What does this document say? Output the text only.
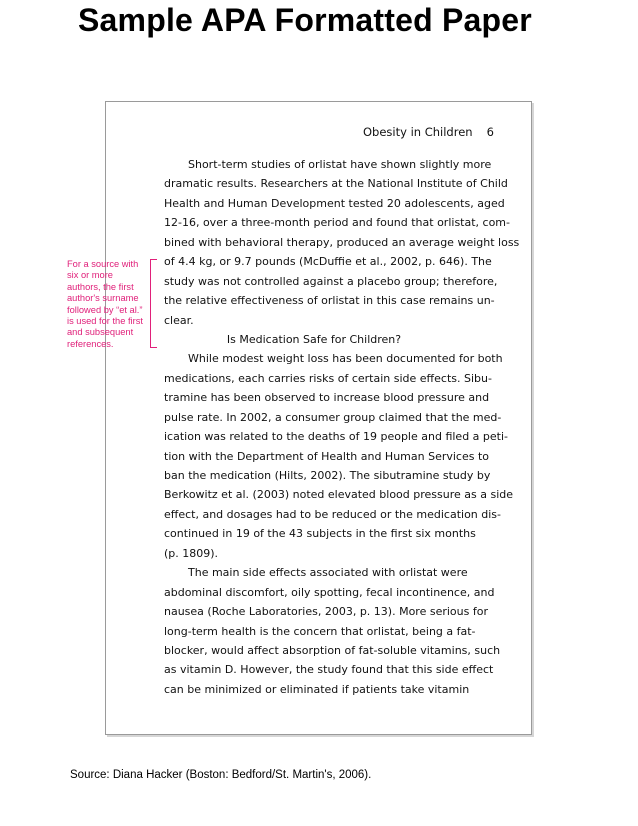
Sample APA Formatted Paper
Obesity in Children 6
Short-term studies of orlistat have shown slightly more
dramatic results. Researchers at the National Institute of Child
Health and Human Development tested 20 adolescents, aged
12-16, over a three-month period and found that orlistat, com-
bined with behavioral therapy, produced an average weight loss
of 4.4 kg, or 9.7 pounds (McDuffie et al., 2002, p. 646). The
study was not controlled against a placebo group; therefore,
the relative effectiveness of orlistat in this case remains un-
clear.
Is Medication Safe for Children?
While modest weight loss has been documented for both
medications, each carries risks of certain side effects. Sibu-
tramine has been observed to increase blood pressure and
pulse rate. In 2002, a consumer group claimed that the med-
ication was related to the deaths of 19 people and filed a peti-
tion with the Department of Health and Human Services to
ban the medication (Hilts, 2002). The sibutramine study by
Berkowitz et al. (2003) noted elevated blood pressure as a side
effect, and dosages had to be reduced or the medication dis-
continued in 19 of the 43 subjects in the first six months
(p. 1809).
The main side effects associated with orlistat were
abdominal discomfort, oily spotting, fecal incontinence, and
nausea (Roche Laboratories, 2003, p. 13). More serious for
long-term health is the concern that orlistat, being a fat-
blocker, would affect absorption of fat-soluble vitamins, such
as vitamin D. However, the study found that this side effect
can be minimized or eliminated if patients take vitamin
For a source with
six or more
authors, the first
author's surname
followed by “et al.”
is used for the first
and subsequent
references.
Source: Diana Hacker (Boston: Bedford/St. Martin's, 2006).
